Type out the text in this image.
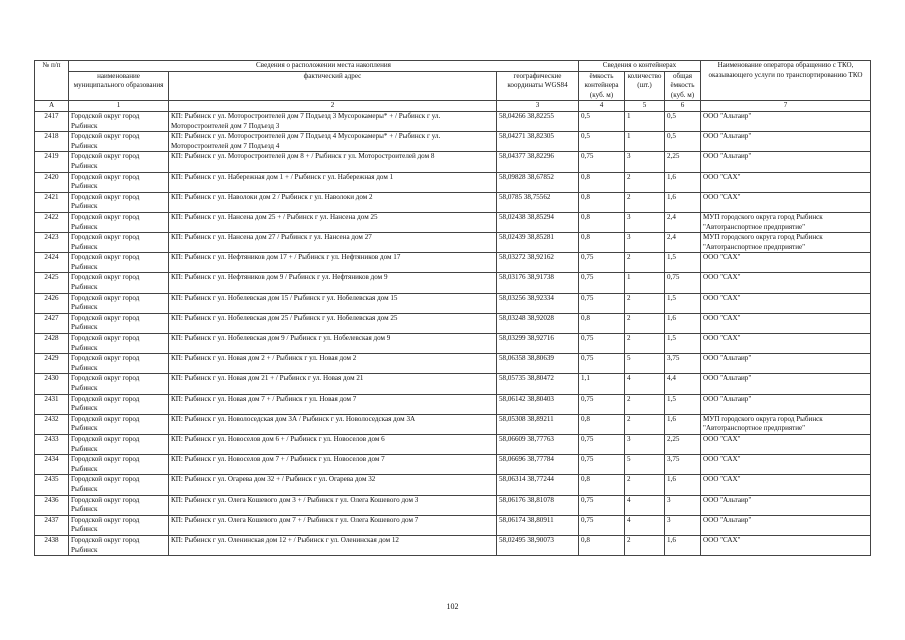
№ п/п	Сведения о расположении места накопления			Сведения о контейнерах			Наименование оператора обращению с ТКО, оказывающего услуги по транспортированию ТКО
	наименование муниципального образования	фактический адрес	географические координаты WGS84	ёмкость контейнера (куб. м)	количество (шт.)	общая ёмкость (куб. м)	
А	1	2	3	4	5	6	7
2417	Городской округ город Рыбинск	КП: Рыбинск г ул. Моторостроителей дом 7 Подъезд 3 Мусорокамеры* + / Рыбинск г ул. Моторостроителей дом 7 Подъезд 3	58,04266 38,82255	0,5	1	0,5	ООО "Альтаир"
2418	Городской округ город Рыбинск	КП: Рыбинск г ул. Моторостроителей дом 7 Подъезд 4 Мусорокамеры* + / Рыбинск г ул. Моторостроителей дом 7 Подъезд 4	58,04271 38,82305	0,5	1	0,5	ООО "Альтаир"
2419	Городской округ город Рыбинск	КП: Рыбинск г ул. Моторостроителей дом 8 + / Рыбинск г ул. Моторостроителей дом 8	58,04377 38,82296	0,75	3	2,25	ООО "Альтаир"
2420	Городской округ город Рыбинск	КП: Рыбинск г ул. Набережная дом 1 + / Рыбинск г ул. Набережная дом 1	58,09828 38,67852	0,8	2	1,6	ООО "САХ"
2421	Городской округ город Рыбинск	КП: Рыбинск г ул. Наволоки дом 2 / Рыбинск г ул. Наволоки дом 2	58,0785 38,75562	0,8	2	1,6	ООО "САХ"
2422	Городской округ город Рыбинск	КП: Рыбинск г ул. Нансена дом 25 + / Рыбинск г ул. Нансена дом 25	58,02438 38,85294	0,8	3	2,4	МУП городского округа город Рыбинск "Автотранспортное предприятие"
2423	Городской округ город Рыбинск	КП: Рыбинск г ул. Нансена дом 27 / Рыбинск г ул. Нансена дом 27	58,02439 38,85281	0,8	3	2,4	МУП городского округа город Рыбинск "Автотранспортное предприятие"
2424	Городской округ город Рыбинск	КП: Рыбинск г ул. Нефтяников дом 17 + / Рыбинск г ул. Нефтяников дом 17	58,03272 38,92162	0,75	2	1,5	ООО "САХ"
2425	Городской округ город Рыбинск	КП: Рыбинск г ул. Нефтяников дом 9 / Рыбинск г ул. Нефтяников дом 9	58,03176 38,91738	0,75	1	0,75	ООО "САХ"
2426	Городской округ город Рыбинск	КП: Рыбинск г ул. Нобелевская дом 15 / Рыбинск г ул. Нобелевская дом 15	58,03256 38,92334	0,75	2	1,5	ООО "САХ"
2427	Городской округ город Рыбинск	КП: Рыбинск г ул. Нобелевская дом 25 / Рыбинск г ул. Нобелевская дом 25	58,03248 38,92028	0,8	2	1,6	ООО "САХ"
2428	Городской округ город Рыбинск	КП: Рыбинск г ул. Нобелевская дом 9 / Рыбинск г ул. Нобелевская дом 9	58,03299 38,92716	0,75	2	1,5	ООО "САХ"
2429	Городской округ город Рыбинск	КП: Рыбинск г ул. Новая дом 2 + / Рыбинск г ул. Новая дом 2	58,06358 38,80639	0,75	5	3,75	ООО "Альтаир"
2430	Городской округ город Рыбинск	КП: Рыбинск г ул. Новая дом 21 + / Рыбинск г ул. Новая дом 21	58,05735 38,80472	1,1	4	4,4	ООО "Альтаир"
2431	Городской округ город Рыбинск	КП: Рыбинск г ул. Новая дом 7 + / Рыбинск г ул. Новая дом 7	58,06142 38,80403	0,75	2	1,5	ООО "Альтаир"
2432	Городской округ город Рыбинск	КП: Рыбинск г ул. Новолоседская дом 3А / Рыбинск г ул. Новолоседская дом 3А	58,05308 38,89211	0,8	2	1,6	МУП городского округа город Рыбинск "Автотранспортное предприятие"
2433	Городской округ город Рыбинск	КП: Рыбинск г ул. Новоселов дом 6 + / Рыбинск г ул. Новоселов дом 6	58,06609 38,77763	0,75	3	2,25	ООО "САХ"
2434	Городской округ город Рыбинск	КП: Рыбинск г ул. Новоселов дом 7 + / Рыбинск г ул. Новоселов дом 7	58,06696 38,77784	0,75	5	3,75	ООО "САХ"
2435	Городской округ город Рыбинск	КП: Рыбинск г ул. Огарева дом 32 + / Рыбинск г ул. Огарева дом 32	58,06314 38,77244	0,8	2	1,6	ООО "САХ"
2436	Городской округ город Рыбинск	КП: Рыбинск г ул. Олега Кошевого дом 3 + / Рыбинск г ул. Олега Кошевого дом 3	58,06176 38,81078	0,75	4	3	ООО "Альтаир"
2437	Городской округ город Рыбинск	КП: Рыбинск г ул. Олега Кошевого дом 7 + / Рыбинск г ул. Олега Кошевого дом 7	58,06174 38,80911	0,75	4	3	ООО "Альтаир"
2438	Городской округ город Рыбинск	КП: Рыбинск г ул. Оленинская дом 12 + / Рыбинск г ул. Оленинская дом 12	58,02495 38,90073	0,8	2	1,6	ООО "САХ"
102
